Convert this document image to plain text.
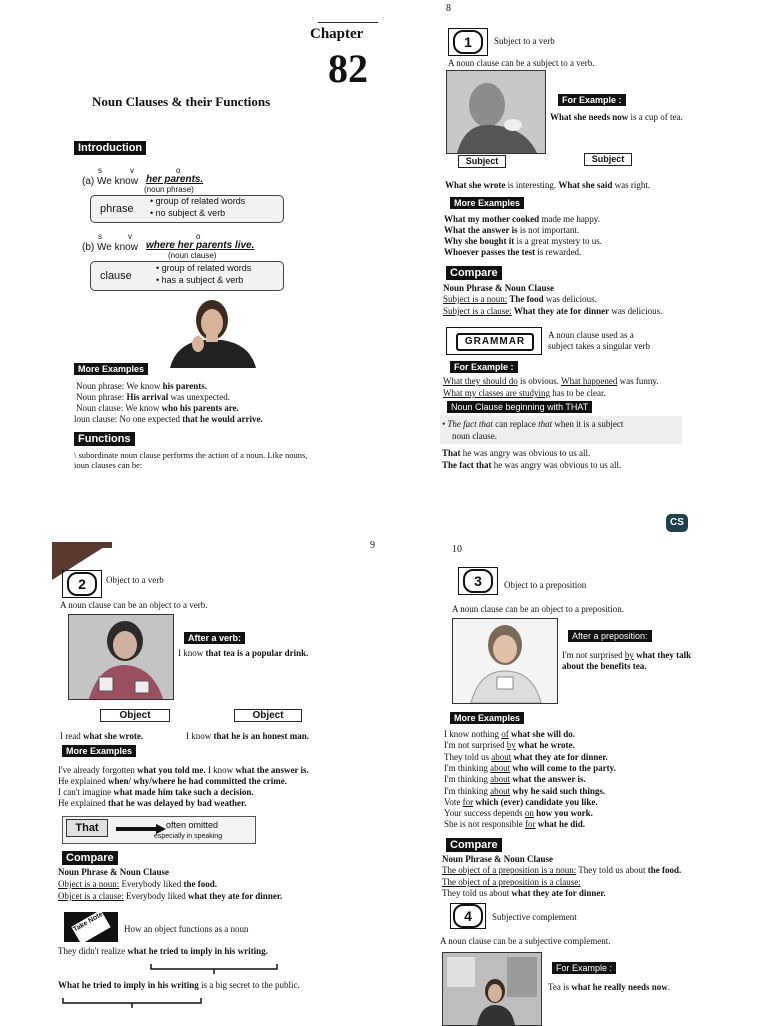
Chapter
82
Noun Clauses & their Functions
Introduction
s	v	o
(a) We know her parents.
(noun phrase)
phrase
• group of related words
• no subject & verb
s	v	o
(b) We know where her parents live.
(noun clause)
clause
• group of related words
• has a subject & verb
More Examples
Noun phrase: We know his parents.
Noun phrase: His arrival was unexpected.
Noun clause: We know who his parents are.
loun clause: No one expected that he would arrive.
Functions
\ subordinate noun clause performs the action of a noun. Like nouns,
ioun clauses can be:
8
1	Subject to a verb
A noun clause can be a subject to a verb.
For Example :
What she needs now is a cup of tea.
Subject	Subject
What she wrote is interesting. What she said was right.
More Examples
What my mother cooked made me happy.
What the answer is is not important.
Why she bought it is a great mystery to us.
Whoever passes the test is rewarded.
Compare
Noun Phrase & Noun Clause
Subject is a noun: The food was delicious.
Subject is a clause: What they ate for dinner was delicious.
GRAMMAR
A noun clause used as a
subject takes a singular verb
For Example :
What they should do is obvious. What happened was funny.
What my classes are studying has to be clear.
Noun Clause beginning with THAT
• The fact that can replace that when it is a subject
noun clause.
That he was angry was obvious to us all.
The fact that he was angry was obvious to us all.
9
2	Object to a verb
A noun clause can be an object to a verb.
After a verb:
I know that tea is a popular drink.
Object	Object
I read what she wrote.	I know that he is an honest man.
More Examples
I've already forgotten what you told me. I know what the answer is.
He explained when/ why/where he had committed the crime.
I can't imagine what made him take such a decision.
He explained that he was delayed by bad weather.
That	often omitted
especially in speaking
Compare
Noun Phrase & Noun Clause
Object is a noun: Everybody liked the food.
Objcet is a clause: Everybody liked what they ate for dinner.
Take Note	How an object functions as a noun
They didn't realize what he tried to imply in his writing.
What he tried to imply in his writing is a big secret to the public.
CS
10
3	Object to a preposition
A noun clause can be an object to a preposition.
After a preposition:
I'm not surprised by what they talk
about the benefits tea.
More Examples
I know nothing of what she will do.
I'm not surprised by what he wrote.
They told us about what they ate for dinner.
I'm thinking about who will come to the party.
I'm thinking about what the answer is.
I'm thinking about why he said such things.
Vote for which (ever) candidate you like.
Your success depends on how you work.
She is not responsible for what he did.
Compare
Noun Phrase & Noun Clause
The object of a preposition is a noun: They told us about the food.
The object of a preposition is a clause:
They told us about what they ate for dinner.
4	Subjective complement
A noun clause can be a subjective complement.
For Example :
Tea is what he really needs now.
